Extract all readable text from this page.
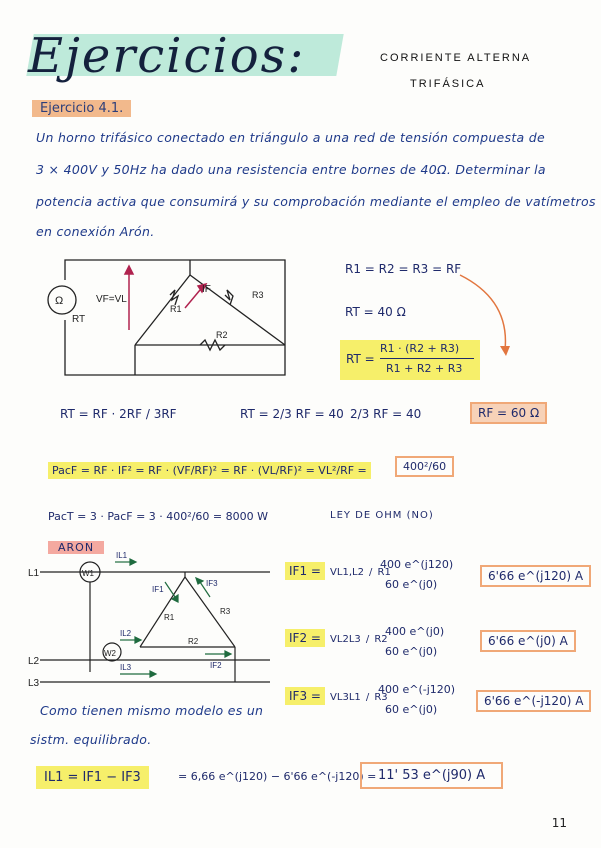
Ejercicios:	CORRIENTE ALTERNA
TRIFÁSICA
Ejercicio 4.1.
Un horno trifásico conectado en triángulo a una red de tensión compuesta de
3 × 400V y 50Hz ha dado una resistencia entre bornes de 40Ω. Determinar la
potencia activa que consumirá y su comprobación mediante el empleo de vatímetros
en conexión Arón.
Ω
RT
VF=VL
IF
R1
R2
R3
R1 = R2 = R3 = RF
RT = 40 Ω
RT =
R1 · (R2 + R3)
R1 + R2 + R3
RT = RF · 2RF / 3RF	RT = 2/3 RF = 40 2/3 RF = 40	RF = 60 Ω
PacF = RF · IF² = RF · (VF/RF)² = RF · (VL/RF)² = VL²/RF =	400²/60
PacT = 3 · PacF = 3 · 400²/60 = 8000 W	LEY DE OHM (NO)
ARON
L1
L2
L3
W1
W2
IL1
IL2
IL3
IF1
IF2
IF3
R1
R2
R3
IF1 = VL1,L2 / R1
400 e^(j120)
60 e^(j0)
6'66 e^(j120) A
IF2 = VL2L3 / R2
400 e^(j0)
60 e^(j0)
6'66 e^(j0) A
IF3 = VL3L1 / R3
400 e^(-j120)
60 e^(j0)
6'66 e^(-j120) A
Como tienen mismo modelo es un
sistm. equilibrado.
IL1 = IF1 − IF3	= 6,66 e^(j120) − 6'66 e^(-j120) = 11' 53 e^(j90) A
11
